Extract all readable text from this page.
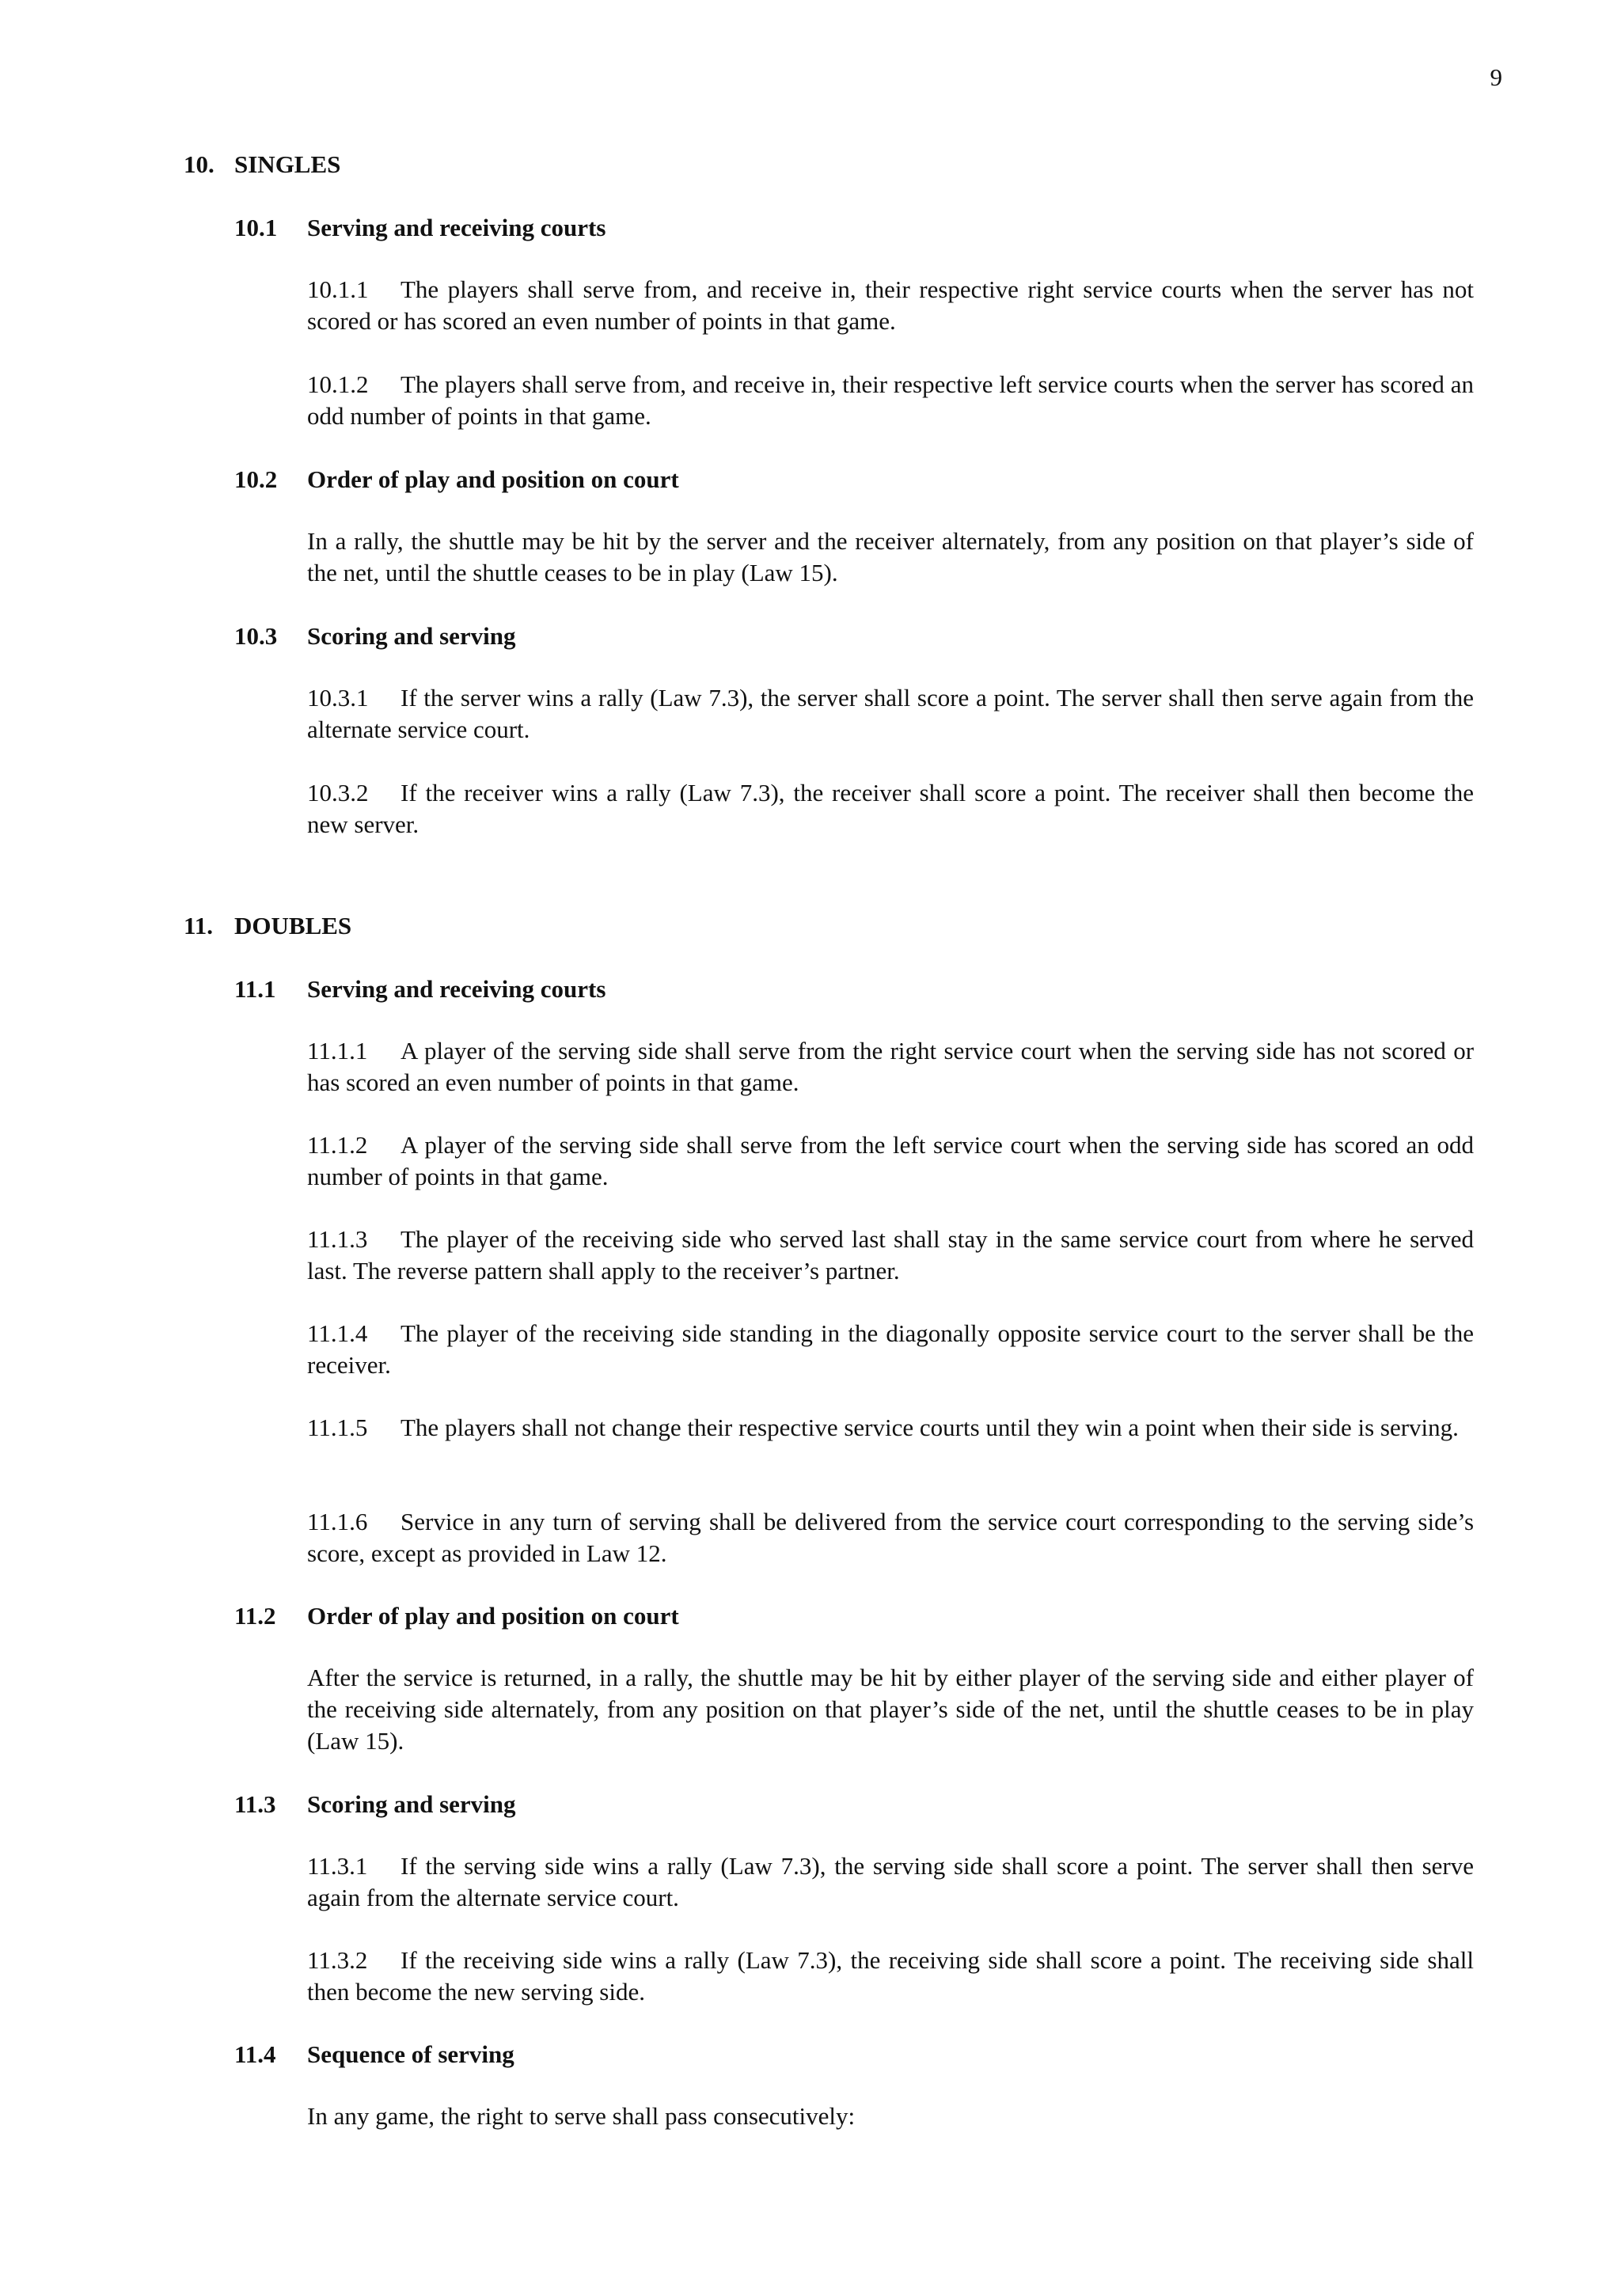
9
10. SINGLES
10.1 Serving and receiving courts
10.1.1	The players shall serve from, and receive in, their respective right service courts when the server has not scored or has scored an even number of points in that game.

10.1.2	The players shall serve from, and receive in, their respective left service courts when the server has scored an odd number of points in that game.

10.2 Order of play and position on court

In a rally, the shuttle may be hit by the server and the receiver alternately, from any position on that player’s side of the net, until the shuttle ceases to be in play (Law 15).

10.3 Scoring and serving
10.3.1	If the server wins a rally (Law 7.3), the server shall score a point. The server shall then serve again from the alternate service court.

10.3.2	If the receiver wins a rally (Law 7.3), the receiver shall score a point. The receiver shall then become the new server.

11. DOUBLES
11.1 Serving and receiving courts
11.1.1	A player of the serving side shall serve from the right service court when the serving side has not scored or has scored an even number of points in that game.

11.1.2	A player of the serving side shall serve from the left service court when the serving side has scored an odd number of points in that game.

11.1.3	The player of the receiving side who served last shall stay in the same service court from where he served last. The reverse pattern shall apply to the receiver’s partner.

11.1.4	The player of the receiving side standing in the diagonally opposite service court to the server shall be the receiver.

11.1.5	The players shall not change their respective service courts until they win a point when their side is serving.

11.1.6	Service in any turn of serving shall be delivered from the service court corresponding to the serving side’s score, except as provided in Law 12.

11.2 Order of play and position on court

After the service is returned, in a rally, the shuttle may be hit by either player of the serving side and either player of the receiving side alternately, from any position on that player’s side of the net, until the shuttle ceases to be in play (Law 15).

11.3 Scoring and serving
11.3.1	If the serving side wins a rally (Law 7.3), the serving side shall score a point. The server shall then serve again from the alternate service court.

11.3.2	If the receiving side wins a rally (Law 7.3), the receiving side shall score a point. The receiving side shall then become the new serving side.

11.4 Sequence of serving

In any game, the right to serve shall pass consecutively:
